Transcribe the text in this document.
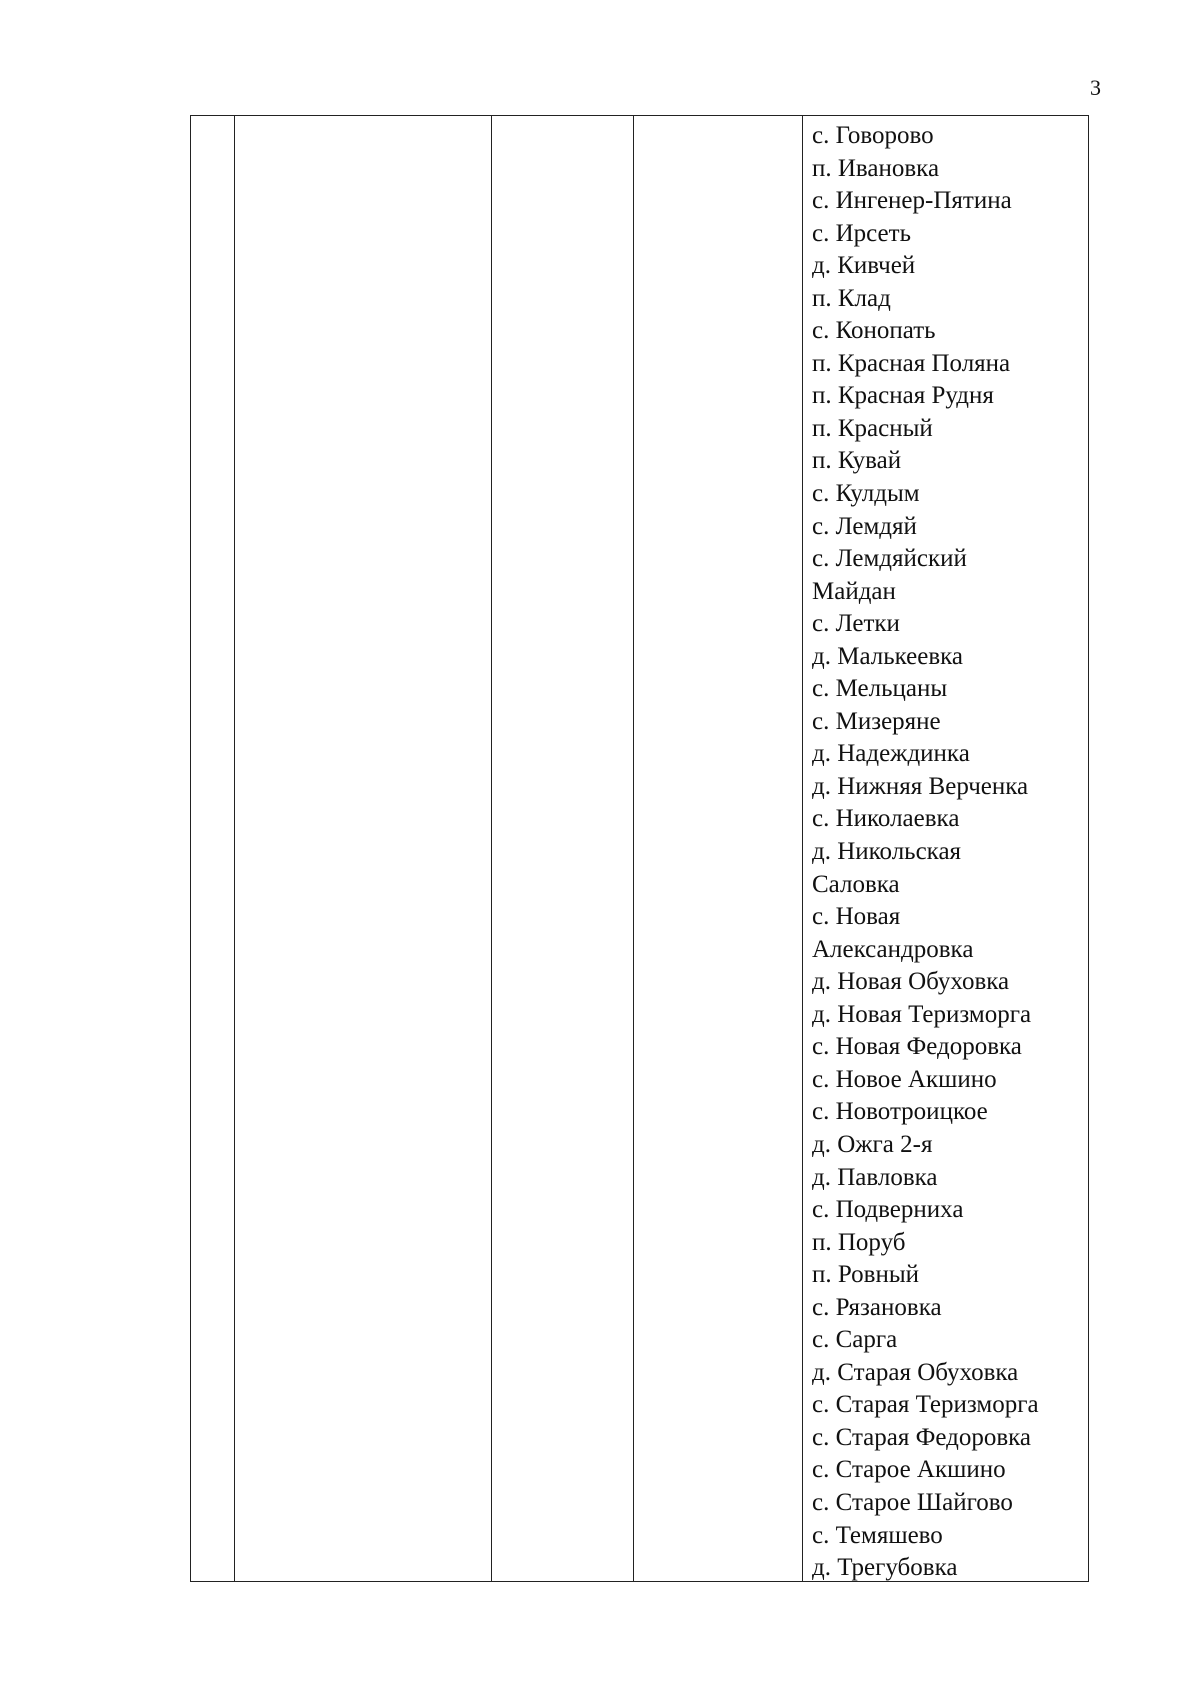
3
с. Говорово
п. Ивановка
с. Ингенер-Пятина
с. Ирсеть
д. Кивчей
п. Клад
с. Конопать
п. Красная Поляна
п. Красная Рудня
п. Красный
п. Кувай
с. Кулдым
с. Лемдяй
с. Лемдяйский
Майдан
с. Летки
д. Малькеевка
с. Мельцаны
с. Мизеряне
д. Надеждинка
д. Нижняя Верченка
с. Николаевка
д. Никольская
Саловка
с. Новая
Александровка
д. Новая Обуховка
д. Новая Теризморга
с. Новая Федоровка
с. Новое Акшино
с. Новотроицкое
д. Ожга 2-я
д. Павловка
с. Подверниха
п. Поруб
п. Ровный
с. Рязановка
с. Сарга
д. Старая Обуховка
с. Старая Теризморга
с. Старая Федоровка
с. Старое Акшино
с. Старое Шайгово
с. Темяшево
д. Трегубовка
